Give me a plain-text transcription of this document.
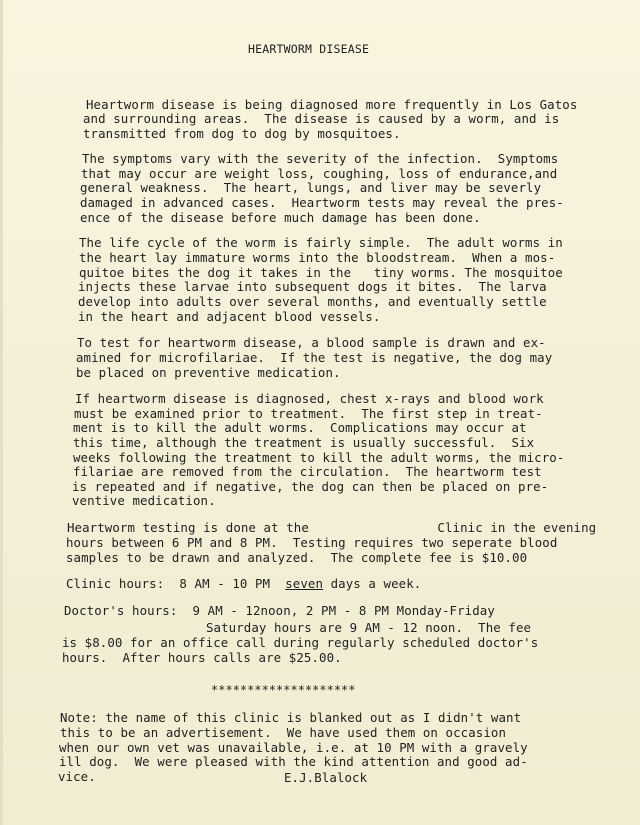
HEARTWORM DISEASE
Heartworm disease is being diagnosed more frequently in Los Gatos
and surrounding areas.  The disease is caused by a worm, and is
transmitted from dog to dog by mosquitoes.
The symptoms vary with the severity of the infection.  Symptoms
that may occur are weight loss, coughing, loss of endurance,and
general weakness.  The heart, lungs, and liver may be severly
damaged in advanced cases.  Heartworm tests may reveal the pres-
ence of the disease before much damage has been done.
The life cycle of the worm is fairly simple.  The adult worms in
the heart lay immature worms into the bloodstream.  When a mos-
quitoe bites the dog it takes in the   tiny worms. The mosquitoe
injects these larvae into subsequent dogs it bites.  The larva
develop into adults over several months, and eventually settle
in the heart and adjacent blood vessels.
To test for heartworm disease, a blood sample is drawn and ex-
amined for microfilariae.  If the test is negative, the dog may
be placed on preventive medication.
If heartworm disease is diagnosed, chest x-rays and blood work
must be examined prior to treatment.  The first step in treat-
ment is to kill the adult worms.  Complications may occur at
this time, although the treatment is usually successful.  Six
weeks following the treatment to kill the adult worms, the micro-
filariae are removed from the circulation.  The heartworm test
is repeated and if negative, the dog can then be placed on pre-
ventive medication.
Heartworm testing is done at the                 Clinic in the evening
hours between 6 PM and 8 PM.  Testing requires two seperate blood
samples to be drawn and analyzed.  The complete fee is $10.00
Clinic hours:  8 AM - 10 PM  seven days a week.
Doctor's hours:  9 AM - 12noon, 2 PM - 8 PM Monday-Friday
Saturday hours are 9 AM - 12 noon.  The fee
is $8.00 for an office call during regularly scheduled doctor's
hours.  After hours calls are $25.00.
********************
Note: the name of this clinic is blanked out as I didn't want
this to be an advertisement.  We have used them on occasion
when our own vet was unavailable, i.e. at 10 PM with a gravely
ill dog.  We were pleased with the kind attention and good ad-
vice.	E.J.Blalock
